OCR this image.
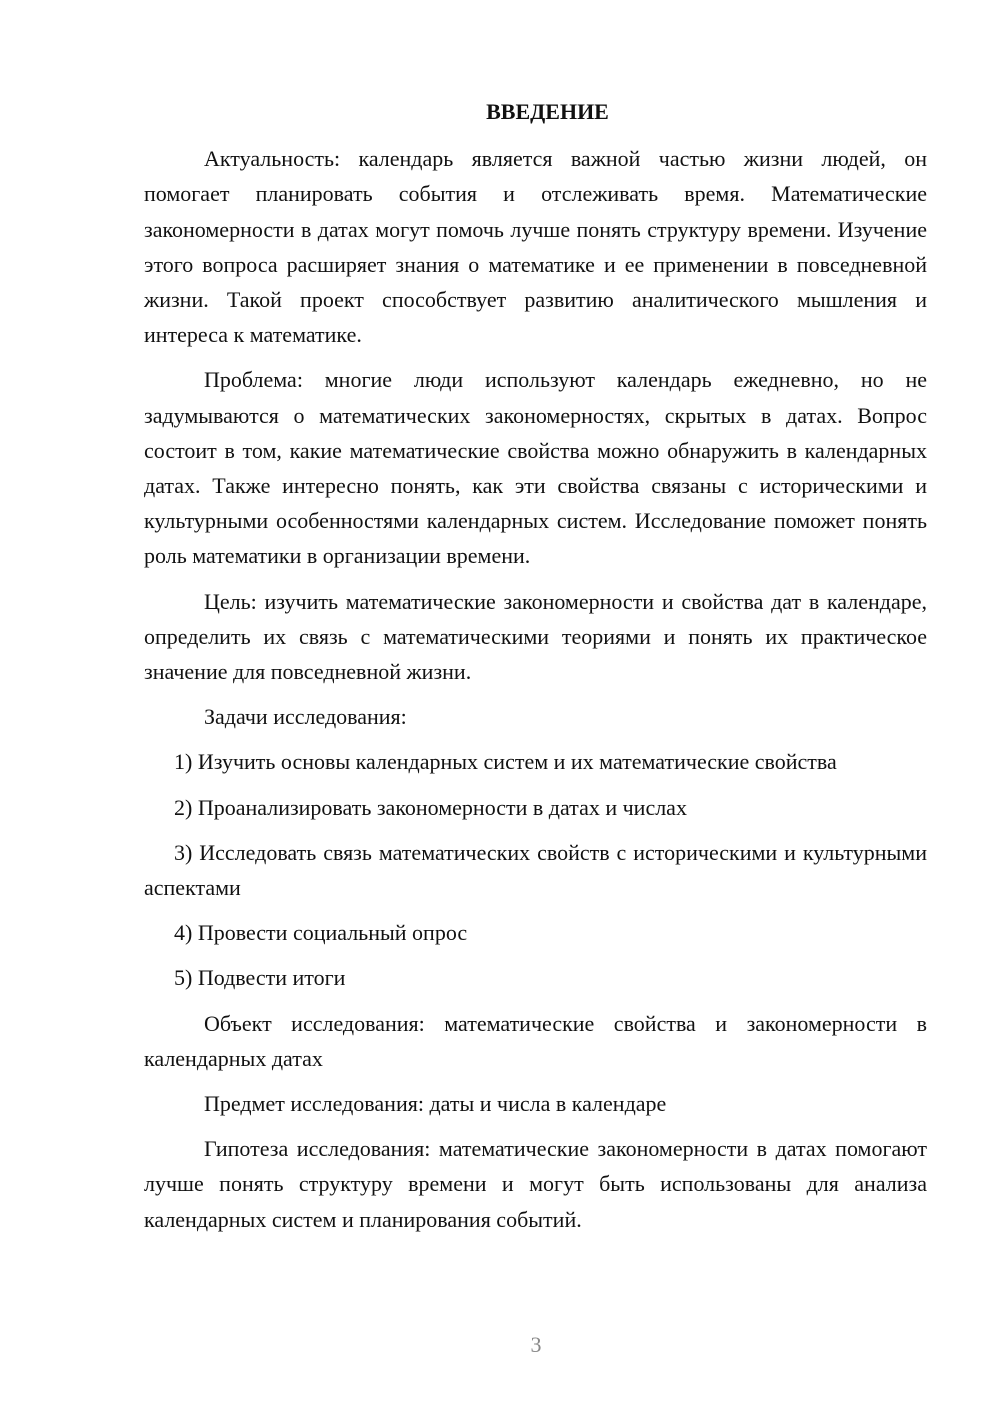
ВВЕДЕНИЕ

Актуальность: календарь является важной частью жизни людей, он помогает планировать события и отслеживать время. Математические закономерности в датах могут помочь лучше понять структуру времени. Изучение этого вопроса расширяет знания о математике и ее применении в повседневной жизни. Такой проект способствует развитию аналитического мышления и интереса к математике.

Проблема: многие люди используют календарь ежедневно, но не задумываются о математических закономерностях, скрытых в датах. Вопрос состоит в том, какие математические свойства можно обнаружить в календарных датах. Также интересно понять, как эти свойства связаны с историческими и культурными особенностями календарных систем. Исследование поможет понять роль математики в организации времени.

Цель: изучить математические закономерности и свойства дат в календаре, определить их связь с математическими теориями и понять их практическое значение для повседневной жизни.

Задачи исследования:

1) Изучить основы календарных систем и их математические свойства

2) Проанализировать закономерности в датах и числах

3) Исследовать связь математических свойств с историческими и культурными аспектами

4) Провести социальный опрос

5) Подвести итоги

Объект исследования: математические свойства и закономерности в календарных датах

Предмет исследования: даты и числа в календаре

Гипотеза исследования: математические закономерности в датах помогают лучше понять структуру времени и могут быть использованы для анализа календарных систем и планирования событий.

3
